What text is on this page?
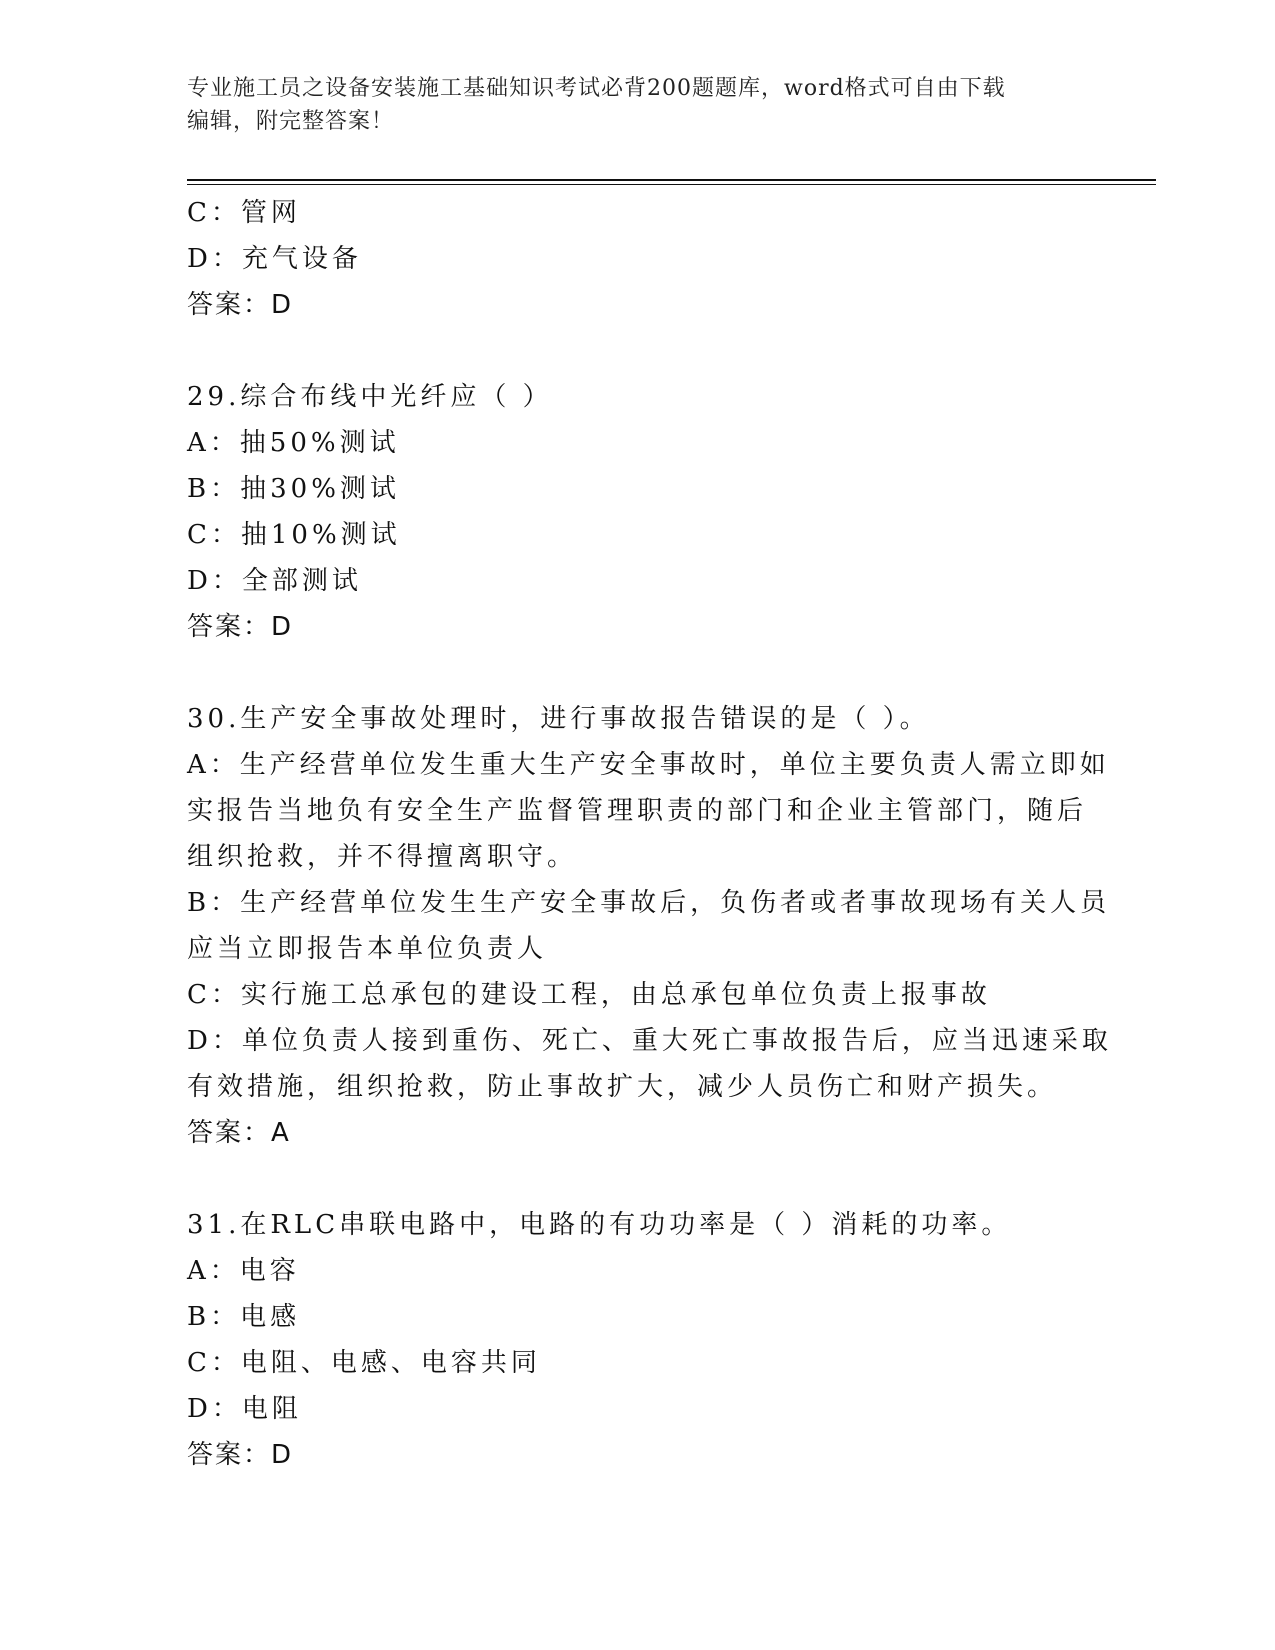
专业施工员之设备安装施工基础知识考试必背200题题库，word格式可自由下载
编辑，附完整答案！

C：管网

D：充气设备

答案：D

29.综合布线中光纤应（ ）

A：抽50%测试

B：抽30%测试

C：抽10%测试

D：全部测试

答案：D

30.生产安全事故处理时，进行事故报告错误的是（ ）。

A：生产经营单位发生重大生产安全事故时，单位主要负责人需立即如

实报告当地负有安全生产监督管理职责的部门和企业主管部门，随后

组织抢救，并不得擅离职守。

B：生产经营单位发生生产安全事故后，负伤者或者事故现场有关人员

应当立即报告本单位负责人

C：实行施工总承包的建设工程，由总承包单位负责上报事故

D：单位负责人接到重伤、死亡、重大死亡事故报告后，应当迅速采取

有效措施，组织抢救，防止事故扩大，减少人员伤亡和财产损失。

答案：A

31.在RLC串联电路中，电路的有功功率是（ ）消耗的功率。

A：电容

B：电感

C：电阻、电感、电容共同

D：电阻

答案：D
